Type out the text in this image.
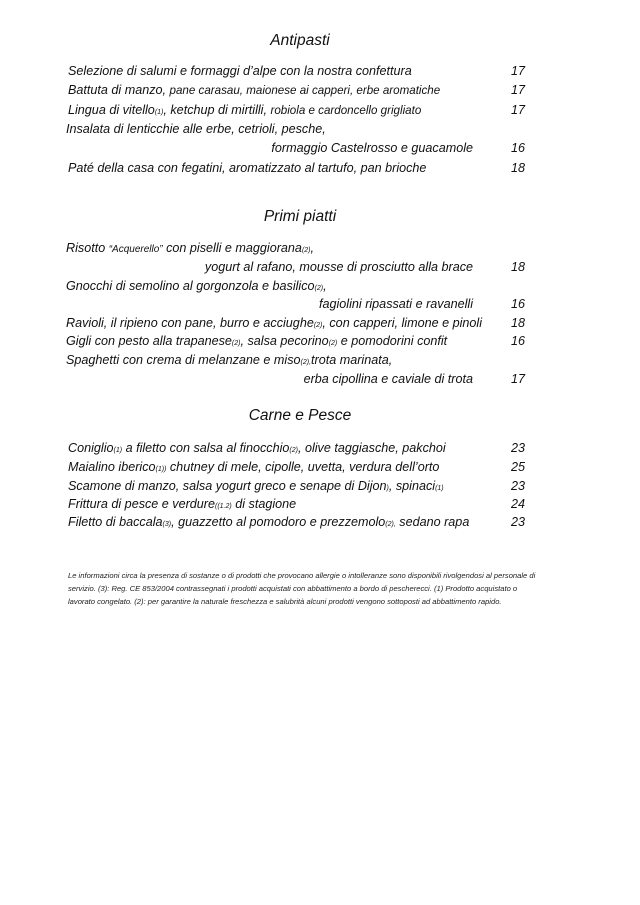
Antipasti
Selezione di salumi e formaggi d’alpe con la nostra confettura	17
Battuta di manzo, pane carasau, maionese ai capperi, erbe aromatiche	17
Lingua di vitello(1), ketchup di mirtilli, robiola e cardoncello grigliato	17
Insalata di lenticchie alle erbe, cetrioli, pesche,
formaggio Castelrosso e guacamole	16
Paté della casa con fegatini, aromatizzato al tartufo, pan brioche	18
Primi piatti
Risotto “Acquerello” con piselli e maggiorana(2),
yogurt al rafano, mousse di prosciutto alla brace	18
Gnocchi di semolino al gorgonzola e basilico(2),
fagiolini ripassati e ravanelli	16
Ravioli, il ripieno con pane, burro e acciughe(2), con capperi, limone e pinoli 18
Gigli con pesto alla trapanese(2), salsa pecorino(2) e pomodorini confit	16
Spaghetti con crema di melanzane e miso(2),trota marinata,
erba cipollina e caviale di trota	17
Carne e Pesce
Coniglio(1) a filetto con salsa al finocchio(2), olive taggiasche, pakchoi	23
Maialino iberico(1)) chutney di mele, cipolle, uvetta, verdura dell’orto	25
Scamone di manzo, salsa yogurt greco e senape di Dijon), spinaci(1)	23
Frittura di pesce e verdure((1.2) di stagione	24
Filetto di baccala(3), guazzetto al pomodoro e prezzemolo(2), sedano rapa	23
Le informazioni circa la presenza di sostanze o di prodotti che provocano allergie o intolleranze sono disponibili rivolgendosi al personale di servizio. (3): Reg. CE 853/2004 contrassegnati i prodotti acquistati con abbattimento a bordo di pescherecci. (1) Prodotto acquistato o lavorato congelato. (2): per garantire la naturale freschezza e salubrità alcuni prodotti vengono sottoposti ad abbattimento rapido.
